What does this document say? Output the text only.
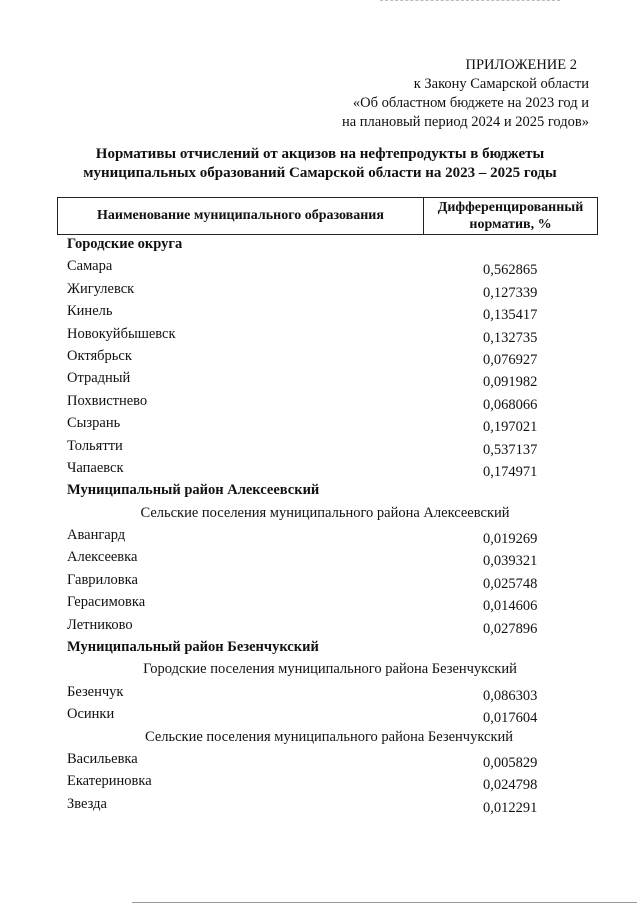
ПРИЛОЖЕНИЕ 2
к Закону Самарской области
«Об областном бюджете на 2023 год и
на плановый период 2024 и 2025 годов»
Нормативы отчислений от акцизов на нефтепродукты в бюджеты
муниципальных образований Самарской области на 2023 – 2025 годы
Наименование муниципального образования
Дифференцированный
норматив, %
Городские округа
Самара	0,562865
Жигулевск	0,127339
Кинель	0,135417
Новокуйбышевск	0,132735
Октябрьск	0,076927
Отрадный	0,091982
Похвистнево	0,068066
Сызрань	0,197021
Тольятти	0,537137
Чапаевск	0,174971
Муниципальный район Алексеевский
Сельские поселения муниципального района Алексеевский
Авангард	0,019269
Алексеевка	0,039321
Гавриловка	0,025748
Герасимовка	0,014606
Летниково	0,027896
Муниципальный район Безенчукский
Городские поселения муниципального района Безенчукский
Безенчук	0,086303
Осинки	0,017604
Сельские поселения муниципального района Безенчукский
Васильевка	0,005829
Екатериновка	0,024798
Звезда	0,012291
